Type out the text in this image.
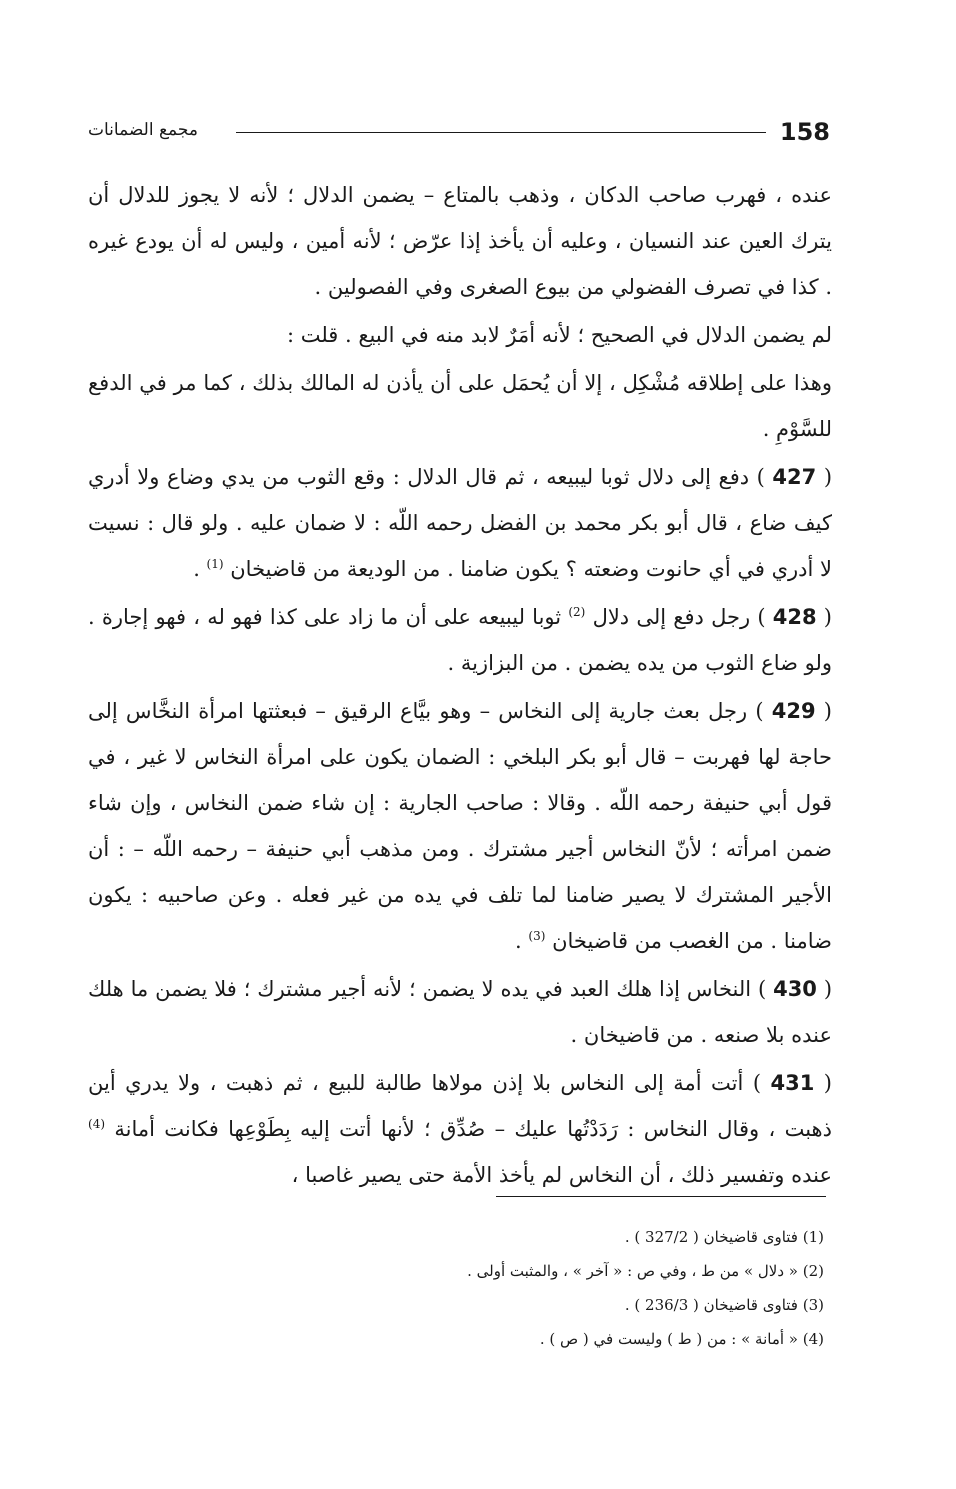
مجمع الضمانات	158

عنده ، فهرب صاحب الدكان ، وذهب بالمتاع – يضمن الدلال ؛ لأنه لا يجوز للدلال أن يترك العين عند النسيان ، وعليه أن يأخذ إذا عرّض ؛ لأنه أمين ، وليس له أن يودع غيره . كذا في تصرف الفضولي من بيوع الصغرى وفي الفصولين .

لم يضمن الدلال في الصحيح ؛ لأنه أمَرٌ لابد منه في البيع . قلت :

وهذا على إطلاقه مُشْكِل ، إلا أن يُحمَل على أن يأذن له المالك بذلك ، كما مر في الدفع للسَّوْمِ .

( 427 ) دفع إلى دلال ثوبا ليبيعه ، ثم قال الدلال : وقع الثوب من يدي وضاع ولا أدري كيف ضاع ، قال أبو بكر محمد بن الفضل رحمه اللّه : لا ضمان عليه . ولو قال : نسيت لا أدري في أي حانوت وضعته ؟ يكون ضامنا . من الوديعة من قاضيخان $^{(1)}$ .

( 428 ) رجل دفع إلى دلال $^{(2)}$ ثوبا ليبيعه على أن ما زاد على كذا فهو له ، فهو إجارة . ولو ضاع الثوب من يده يضمن . من البزازية .

( 429 ) رجل بعث جارية إلى النخاس – وهو بيَّاع الرقيق – فبعثتها امرأة النخَّاس إلى حاجة لها فهربت – قال أبو بكر البلخي : الضمان يكون على امرأة النخاس لا غير ، في قول أبي حنيفة رحمه اللّه . وقالا : صاحب الجارية : إن شاء ضمن النخاس ، وإن شاء ضمن امرأته ؛ لأنّ النخاس أجير مشترك . ومن مذهب أبي حنيفة – رحمه اللّه – : أن الأجير المشترك لا يصير ضامنا لما تلف في يده من غير فعله . وعن صاحبيه : يكون ضامنا . من الغصب من قاضيخان $^{(3)}$ .

( 430 ) النخاس إذا هلك العبد في يده لا يضمن ؛ لأنه أجير مشترك ؛ فلا يضمن ما هلك عنده بلا صنعه . من قاضيخان .

( 431 ) أتت أمة إلى النخاس بلا إذن مولاها طالبة للبيع ، ثم ذهبت ، ولا يدري أين ذهبت ، وقال النخاس : رَدَدْتُها عليك – صُدِّق ؛ لأنها أتت إليه بِطَوْعِها فكانت أمانة $^{(4)}$ عنده وتفسير ذلك ، أن النخاس لم يأخذ الأمة حتى يصير غاصبا ،

(1) فتاوى قاضيخان ( 327/2 ) .
(2) « دلال » من ط ، وفي ص : « آخر » ، والمثبت أولى .
(3) فتاوى قاضيخان ( 236/3 ) .
(4) « أمانة » : من ( ط ) وليست في ( ص ) .
